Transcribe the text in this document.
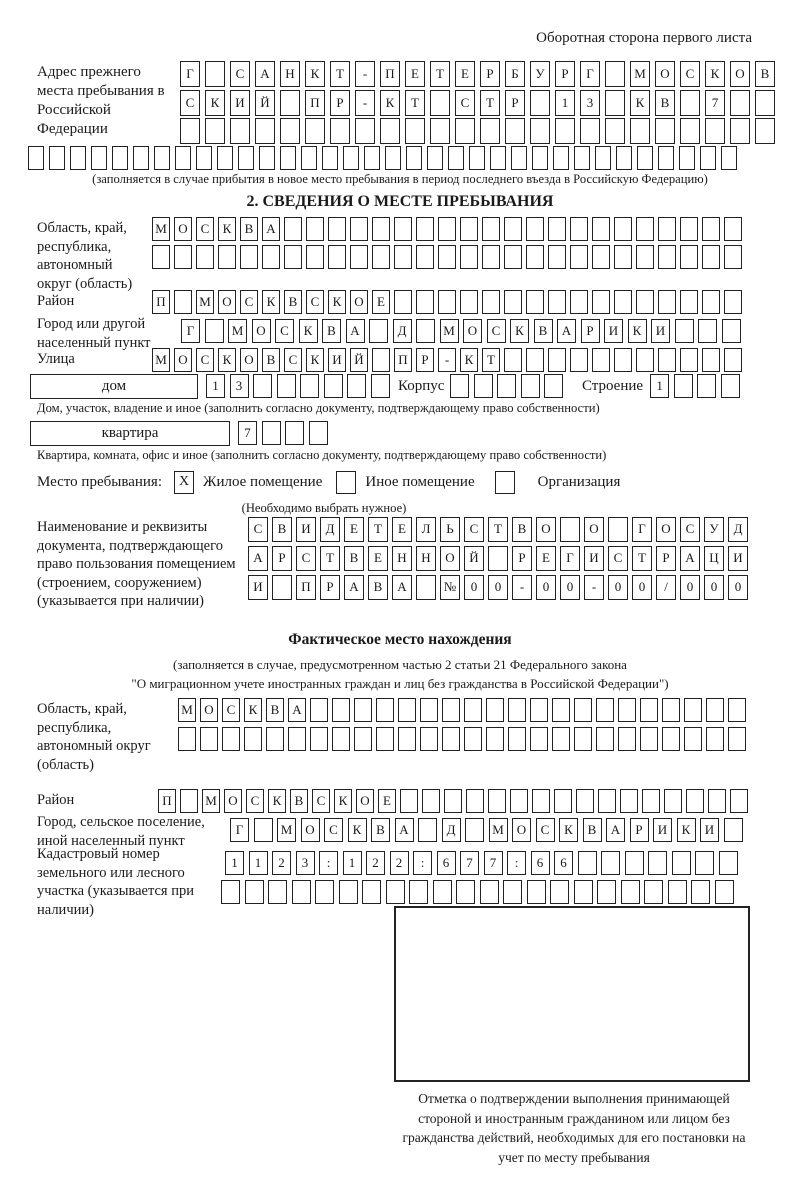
Оборотная сторона первого листа
Адрес прежнего места пребывания в Российской Федерации
Г	С	А	Н	К	Т	-	П	Е	Т	Е	Р	Б	У	Р	Г	М	О	С	К	О	В
С	К	И	Й	П	Р	-	К	Т	С	Т	Р	1	3	К	В	7
(заполняется в случае прибытия в новое место пребывания в период последнего въезда в Российскую Федерацию)
2. СВЕДЕНИЯ О МЕСТЕ ПРЕБЫВАНИЯ
Область, край, республика, автономный округ (область)
М О С	К	В А
Район	П	М О С	К	В	С	К О	Е
Город или другой населенный пункт
Г	М	О	С	К	В	А	Д	М	О	С	К	В	А	Р	И	К	И
Улица	М О С	К О В	С	К И Й	П	Р	-	К	Т
дом	1	3	Корпус	Строение	1
Дом, участок, владение и иное (заполнить согласно документу, подтверждающему право собственности)
квартира	7
Квартира, комната, офис и иное (заполнить согласно документу, подтверждающему право собственности)
Место пребывания:	X Жилое помещение	Иное помещение	Организация
(Необходимо выбрать нужное)
Наименование и реквизиты документа, подтверждающего право пользования помещением (строением, сооружением) (указывается при наличии)
С	В	И	Д	Е	Т	Е	Л	Ь	С	Т	В	О	О	Г	О	С	У	Д
А	Р	С	Т	В	Е	Н	Н	О	Й	Р	Е	Г	И	С	Т	Р	А	Ц	И
И	П	Р	А	В	А	№	0	0	-	0	0	-	0	0	/	0	0	0
Фактическое место нахождения
(заполняется в случае, предусмотренном частью 2 статьи 21 Федерального закона
"О миграционном учете иностранных граждан и лиц без гражданства в Российской Федерации")
Область, край, республика, автономный округ (область)
М О С	К	В А
Район	П	М О С	К	В	С	К О	Е
Город, сельское поселение, иной населенный пункт
Г	М	О	С	К	В	А	Д	М	О	С	К	В	А	Р	И	К	И
Кадастровый номер земельного или лесного участка (указывается при наличии)
1	1	2	3	:	1	2	2	:	6	7	7	:	6	6
Отметка о подтверждении выполнения принимающей стороной и иностранным гражданином или лицом без гражданства действий, необходимых для его постановки на учет по месту пребывания
